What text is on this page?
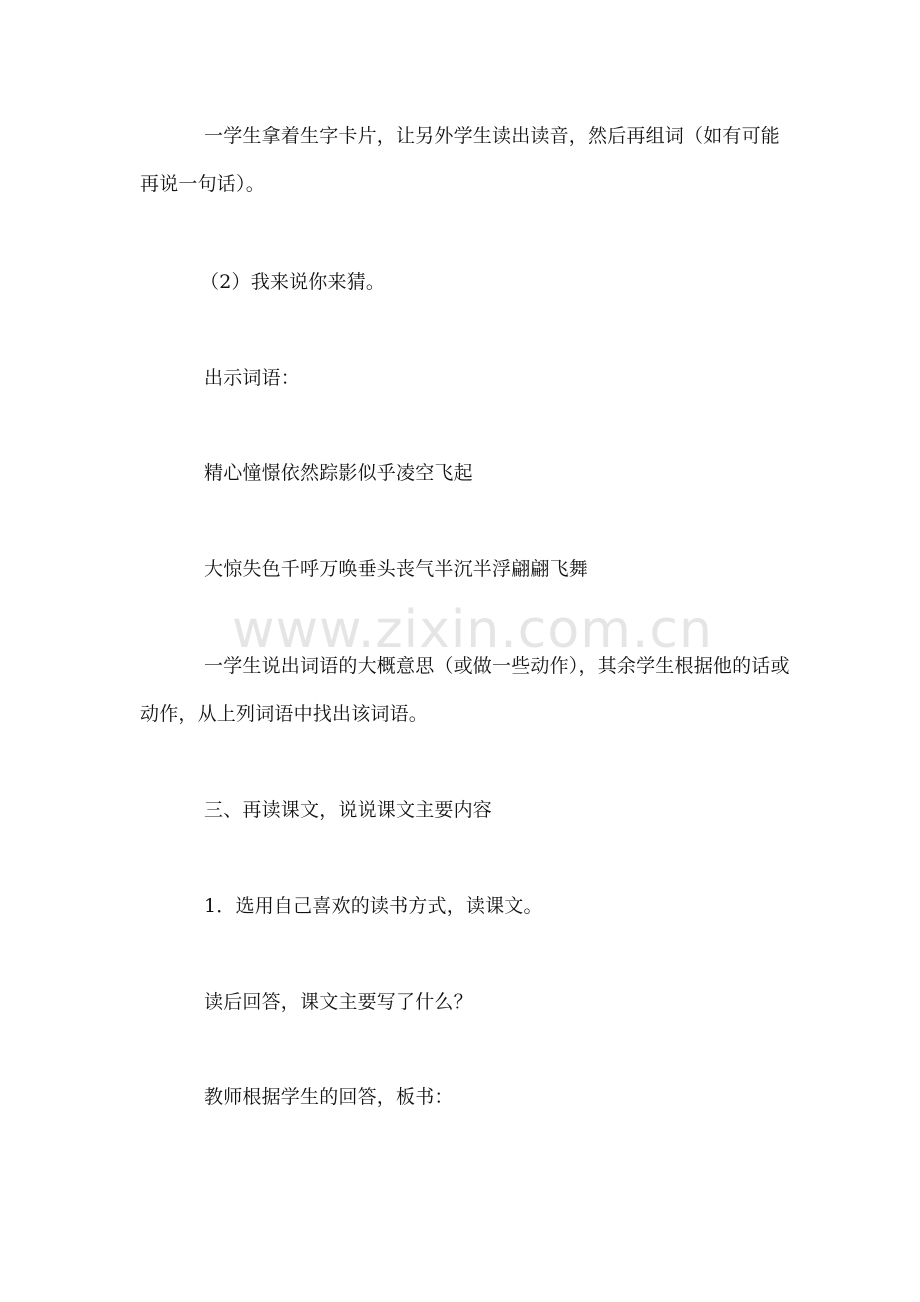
一学生拿着生字卡片，让另外学生读出读音，然后再组词（如有可能再说一句话）。

（2）我来说你来猜。

出示词语：

精心憧憬依然踪影似乎凌空飞起

大惊失色千呼万唤垂头丧气半沉半浮翩翩飞舞

一学生说出词语的大概意思（或做一些动作），其余学生根据他的话或动作，从上列词语中找出该词语。

三、再读课文，说说课文主要内容

1．选用自己喜欢的读书方式，读课文。

读后回答，课文主要写了什么？

教师根据学生的回答，板书：

www.zixin.com.cn
